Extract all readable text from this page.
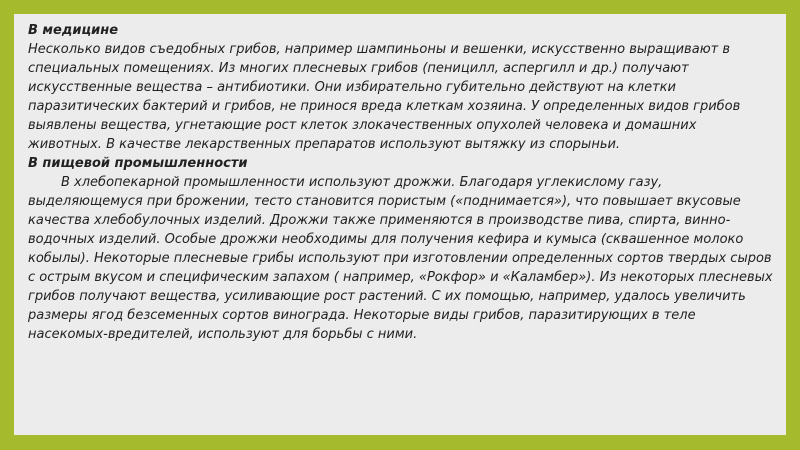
В медицине

Несколько видов съедобных грибов, например шампиньоны и вешенки, искусственно выращивают в специальных помещениях. Из многих плесневых грибов (пеницилл, аспергилл и др.) получают искусственные вещества – антибиотики. Они избирательно губительно действуют на клетки паразитических бактерий и грибов, не принося вреда клеткам хозяина. У определенных видов грибов выявлены вещества, угнетающие рост клеток злокачественных опухолей человека и домашних животных. В качестве лекарственных препаратов используют вытяжку из спорыньи.

В пищевой промышленности

В хлебопекарной промышленности используют дрожжи. Благодаря углекислому газу, выделяющемуся при брожении, тесто становится пористым («поднимается»), что повышает вкусовые качества хлебобулочных изделий. Дрожжи также применяются в производстве пива, спирта, винно-водочных изделий. Особые дрожжи необходимы для получения кефира и кумыса (сквашенное молоко кобылы). Некоторые плесневые грибы используют при изготовлении определенных сортов твердых сыров с острым вкусом и специфическим запахом ( например, «Рокфор» и «Каламбер»). Из некоторых плесневых грибов получают вещества, усиливающие рост растений. С их помощью, например, удалось увеличить размеры ягод безсеменных сортов винограда. Некоторые виды грибов, паразитирующих в теле насекомых-вредителей, используют для борьбы с ними.
